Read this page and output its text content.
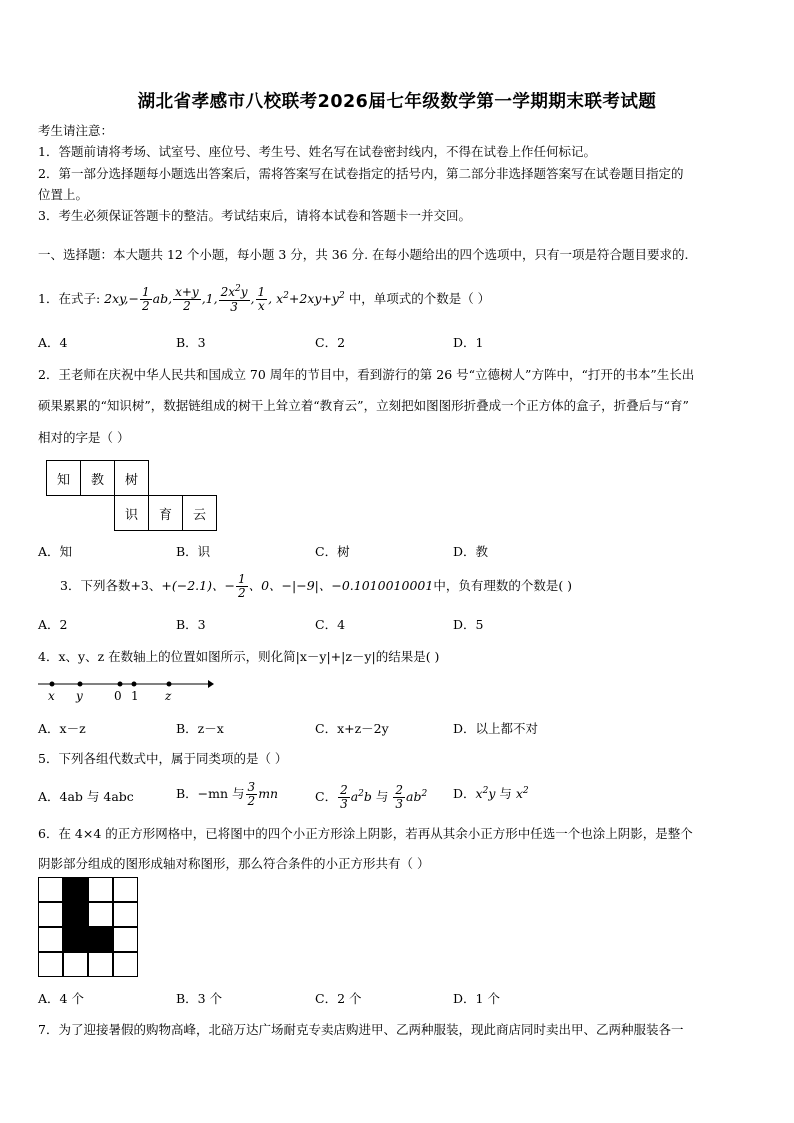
湖北省孝感市八校联考2026届七年级数学第一学期期末联考试题
考生请注意：
1．答题前请将考场、试室号、座位号、考生号、姓名写在试卷密封线内，不得在试卷上作任何标记。
2．第一部分选择题每小题选出答案后，需将答案写在试卷指定的括号内，第二部分非选择题答案写在试卷题目指定的
位置上。
3．考生必须保证答题卡的整洁。考试结束后，请将本试卷和答题卡一并交回。
一、选择题：本大题共 12 个小题，每小题 3 分，共 36 分. 在每小题给出的四个选项中，只有一项是符合题目要求的.
1．在式子: $2xy,- \frac{1}{2}$ ab, $\frac{x+y}{2} ,1$, $\frac{2x^2y}{3}$ , $\frac{1}{x}$ , $x^2+2xy+y^2$ 中，单项式的个数是（ ）
A．4	B．3	C．2	D．1
2．王老师在庆祝中华人民共和国成立 70 周年的节目中，看到游行的第 26 号“立德树人”方阵中，“打开的书本”生长出
硕果累累的“知识树”，数据链组成的树干上耸立着“教育云”，立刻把如图图形折叠成一个正方体的盒子，折叠后与“育”
相对的字是（ ）
知	教	树		
		识	育	云
A．知	B．识	C．树	D．教
3．下列各数+3、+(−2.1)、− $\frac{1}{2}$ 、0、−|−9|、−0.1010010001中，负有理数的个数是( )
A．2	B．3	C．4	D．5
4．x、y、z 在数轴上的位置如图所示，则化简|x－y|+|z－y|的结果是( )
x y	0 1 z
A．x－z	B．z－x	C．x+z－2y	D．以上都不对
5．下列各组代数式中，属于同类项的是（ ）
A．4ab 与 4abc	B．−mn 与 $\frac{3}{2}$ mn	C． $\frac{2}{3} a^2b$ 与 $\frac{2}{3} ab^2$ D．$x^2y$ 与 $x^2$
6．在 4×4 的正方形网格中，已将图中的四个小正方形涂上阴影，若再从其余小正方形中任选一个也涂上阴影，是整个
阴影部分组成的图形成轴对称图形，那么符合条件的小正方形共有（ ）
A．4 个	B．3 个	C．2 个	D．1 个
7．为了迎接暑假的购物高峰，北碚万达广场耐克专卖店购进甲、乙两种服装，现此商店同时卖出甲、乙两种服装各一
